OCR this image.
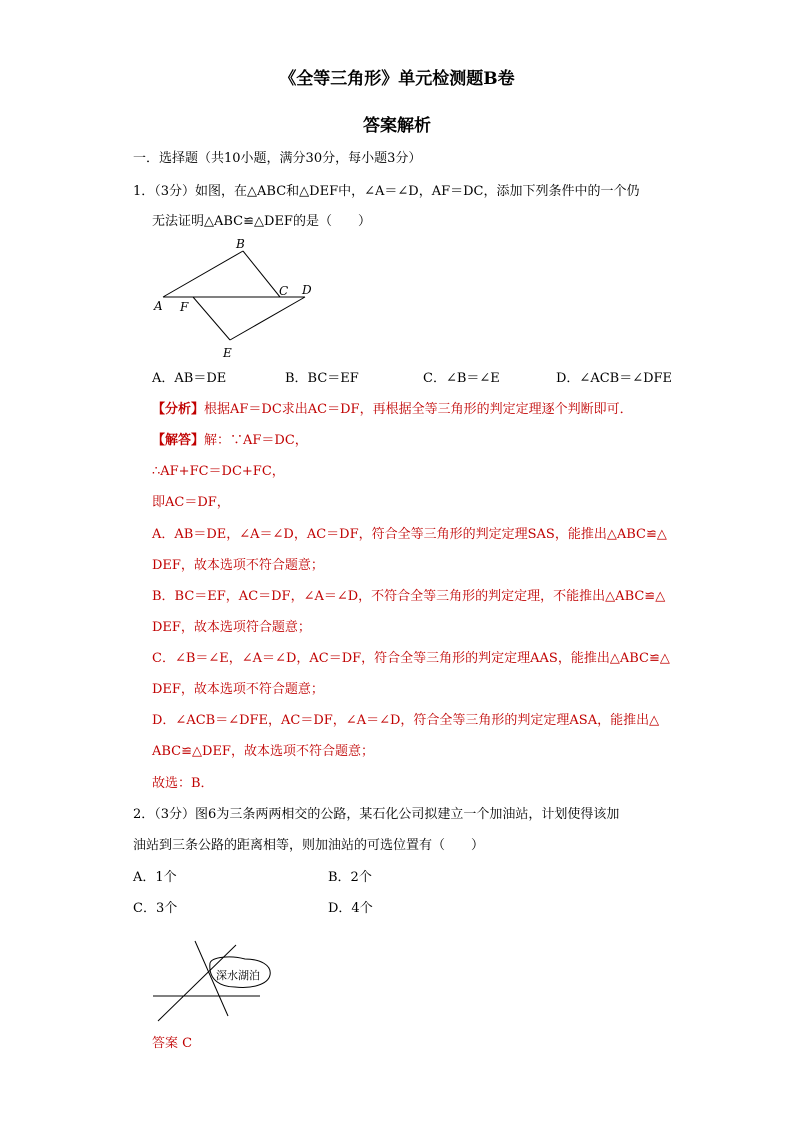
《全等三角形》单元检测题B卷
答案解析
一．选择题（共10小题，满分30分，每小题3分）
1．（3分）如图，在△ABC和△DEF中，∠A＝∠D，AF＝DC，添加下列条件中的一个仍
无法证明△ABC≌△DEF的是（　　）
B
A F
C D
E
A．AB＝DE	B．BC＝EF	C．∠B＝∠E	D．∠ACB＝∠DFE
【分析】根据AF＝DC求出AC＝DF，再根据全等三角形的判定定理逐个判断即可．
【解答】解：∵AF＝DC，
∴AF+FC＝DC+FC，
即AC＝DF，
A．AB＝DE，∠A＝∠D，AC＝DF，符合全等三角形的判定定理SAS，能推出△ABC≌△
DEF，故本选项不符合题意；
B．BC＝EF，AC＝DF，∠A＝∠D，不符合全等三角形的判定定理，不能推出△ABC≌△
DEF，故本选项符合题意；
C．∠B＝∠E，∠A＝∠D，AC＝DF，符合全等三角形的判定定理AAS，能推出△ABC≌△
DEF，故本选项不符合题意；
D．∠ACB＝∠DFE，AC＝DF，∠A＝∠D，符合全等三角形的判定定理ASA，能推出△
ABC≌△DEF，故本选项不符合题意；
故选：B．
2．（3分）图6为三条两两相交的公路，某石化公司拟建立一个加油站，计划使得该加
油站到三条公路的距离相等，则加油站的可选位置有（　　）
A．1个	B．2个
C．3个	D．4个
深水湖泊
答案 C
